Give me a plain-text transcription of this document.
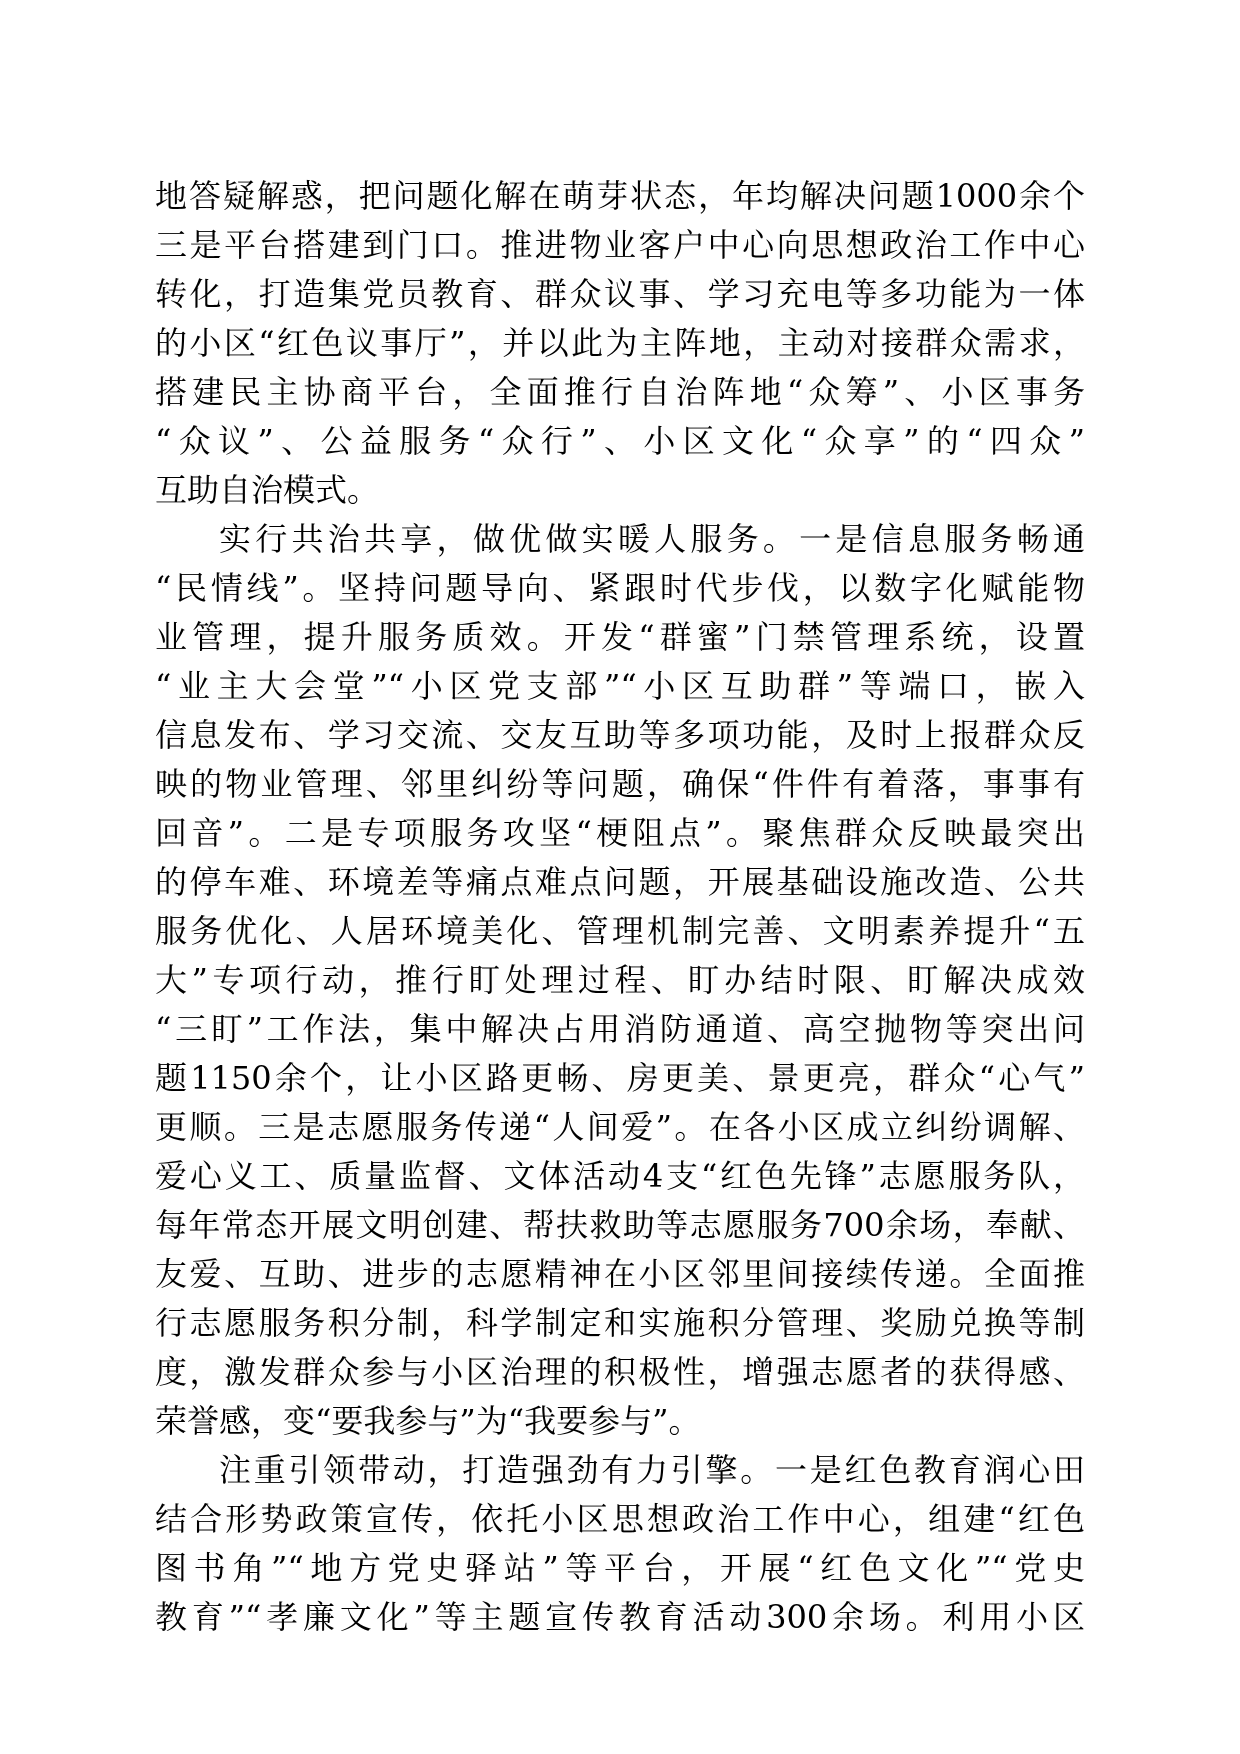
地答疑解惑，把问题化解在萌芽状态，年均解决问题1000余个
三是平台搭建到门口。推进物业客户中心向思想政治工作中心
转化，打造集党员教育、群众议事、学习充电等多功能为一体
的小区“红色议事厅”，并以此为主阵地，主动对接群众需求，
搭建民主协商平台，全面推行自治阵地“众筹”、小区事务
“众议”、公益服务“众行”、小区文化“众享”的“四众”
互助自治模式。
实行共治共享，做优做实暖人服务。一是信息服务畅通
“民情线”。坚持问题导向、紧跟时代步伐，以数字化赋能物
业管理，提升服务质效。开发“群蜜”门禁管理系统，设置
“业主大会堂”“小区党支部”“小区互助群”等端口，嵌入
信息发布、学习交流、交友互助等多项功能，及时上报群众反
映的物业管理、邻里纠纷等问题，确保“件件有着落，事事有
回音”。二是专项服务攻坚“梗阻点”。聚焦群众反映最突出
的停车难、环境差等痛点难点问题，开展基础设施改造、公共
服务优化、人居环境美化、管理机制完善、文明素养提升“五
大”专项行动，推行盯处理过程、盯办结时限、盯解决成效
“三盯”工作法，集中解决占用消防通道、高空抛物等突出问
题1150余个，让小区路更畅、房更美、景更亮，群众“心气”
更顺。三是志愿服务传递“人间爱”。在各小区成立纠纷调解、
爱心义工、质量监督、文体活动4支“红色先锋”志愿服务队，
每年常态开展文明创建、帮扶救助等志愿服务700余场，奉献、
友爱、互助、进步的志愿精神在小区邻里间接续传递。全面推
行志愿服务积分制，科学制定和实施积分管理、奖励兑换等制
度，激发群众参与小区治理的积极性，增强志愿者的获得感、
荣誉感，变“要我参与”为“我要参与”。
注重引领带动，打造强劲有力引擎。一是红色教育润心田
结合形势政策宣传，依托小区思想政治工作中心，组建“红色
图书角”“地方党史驿站”等平台，开展“红色文化”“党史
教育”“孝廉文化”等主题宣传教育活动300余场。利用小区
